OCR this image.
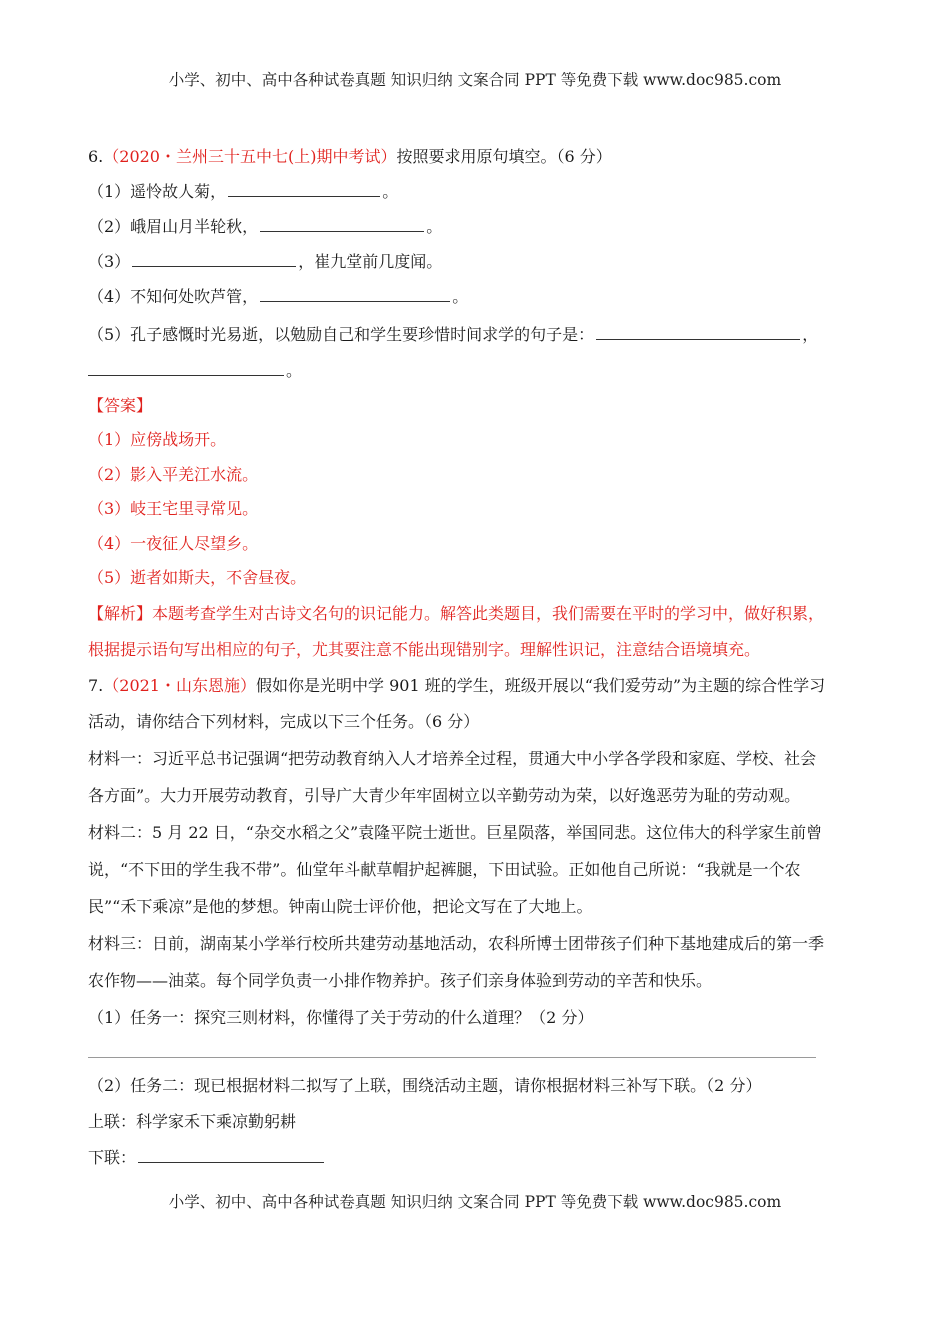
小学、初中、高中各种试卷真题 知识归纳 文案合同 PPT 等免费下载 www.doc985.com
6.（2020・兰州三十五中七(上)期中考试）按照要求用原句填空。（6 分）
（1）遥怜故人菊，	。
（2）峨眉山月半轮秋，	。
（3）	，崔九堂前几度闻。
（4）不知何处吹芦管，	。
（5）孔子感慨时光易逝，以勉励自己和学生要珍惜时间求学的句子是：	，
。
【答案】
（1）应傍战场开。
（2）影入平羌江水流。
（3）岐王宅里寻常见。
（4）一夜征人尽望乡。
（5）逝者如斯夫，不舍昼夜。
【解析】本题考查学生对古诗文名句的识记能力。解答此类题目，我们需要在平时的学习中，做好积累，
根据提示语句写出相应的句子，尤其要注意不能出现错别字。理解性识记，注意结合语境填充。
7.（2021・山东恩施）假如你是光明中学 901 班的学生，班级开展以“我们爱劳动”为主题的综合性学习
活动，请你结合下列材料，完成以下三个任务。（6 分）
材料一：习近平总书记强调“把劳动教育纳入人才培养全过程，贯通大中小学各学段和家庭、学校、社会
各方面”。大力开展劳动教育，引导广大青少年牢固树立以辛勤劳动为荣，以好逸恶劳为耻的劳动观。
材料二：5 月 22 日，“杂交水稻之父”袁隆平院士逝世。巨星陨落，举国同悲。这位伟大的科学家生前曾
说，“不下田的学生我不带”。仙堂年斗献草帽护起裤腿，下田试验。正如他自己所说：“我就是一个农
民”“禾下乘凉”是他的梦想。钟南山院士评价他，把论文写在了大地上。
材料三：日前，湖南某小学举行校所共建劳动基地活动，农科所博士团带孩子们种下基地建成后的第一季
农作物——油菜。每个同学负责一小排作物养护。孩子们亲身体验到劳动的辛苦和快乐。
（1）任务一：探究三则材料，你懂得了关于劳动的什么道理？（2 分）
（2）任务二：现已根据材料二拟写了上联，围绕活动主题，请你根据材料三补写下联。（2 分）
上联：科学家禾下乘凉勤躬耕
下联：
小学、初中、高中各种试卷真题 知识归纳 文案合同 PPT 等免费下载 www.doc985.com
